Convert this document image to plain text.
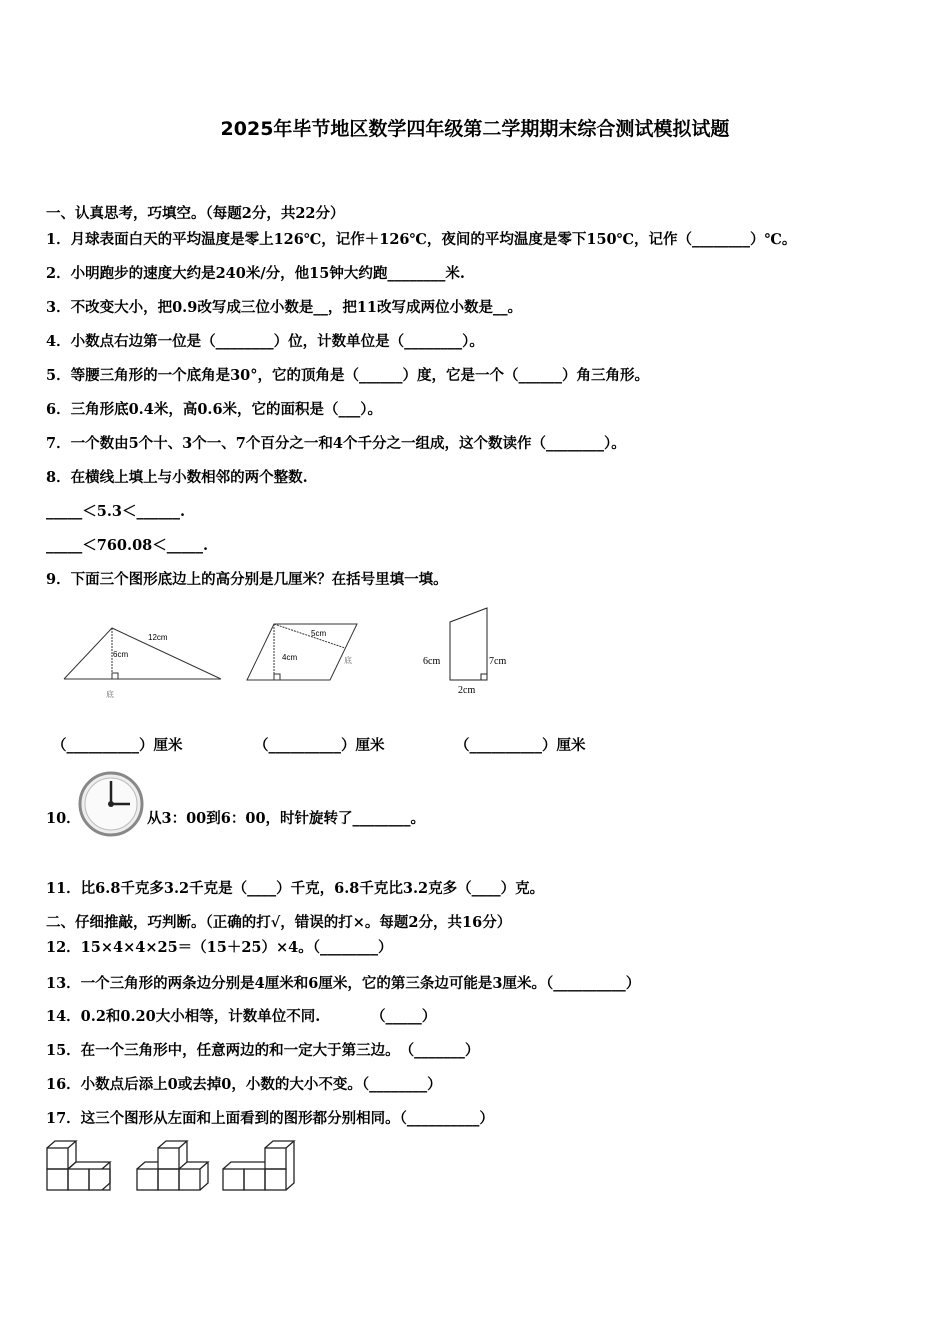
2025年毕节地区数学四年级第二学期期末综合测试模拟试题
一、认真思考，巧填空。（每题2分，共22分）
1．月球表面白天的平均温度是零上126℃，记作＋126℃，夜间的平均温度是零下150℃，记作（________）℃。
2．小明跑步的速度大约是240米/分，他15钟大约跑________米.
3．不改变大小，把0.9改写成三位小数是__，把11改写成两位小数是__。
4．小数点右边第一位是（________）位，计数单位是（________）。
5．等腰三角形的一个底角是30°，它的顶角是（______）度，它是一个（______）角三角形。
6．三角形底0.4米，高0.6米，它的面积是（___）。
7．一个数由5个十、3个一、7个百分之一和4个千分之一组成，这个数读作（________）。
8．在横线上填上与小数相邻的两个整数.
_____＜5.3＜______.
_____＜760.08＜_____.
9．下面三个图形底边上的高分别是几厘米？在括号里填一填。
12cm
6cm
底
5cm
4cm	底	6cm	7cm
2cm
（__________）厘米	（__________）厘米	（__________）厘米
10．	从3：00到6：00，时针旋转了________。
11．比6.8千克多3.2千克是（____）千克，6.8千克比3.2克多（____）克。
二、仔细推敲，巧判断。（正确的打√，错误的打×。每题2分，共16分）
12．15×4×4×25＝（15＋25）×4。（________）
13．一个三角形的两条边分别是4厘米和6厘米，它的第三条边可能是3厘米。（__________）
14．0.2和0.20大小相等，计数单位不同.　　　　（_____）
15．在一个三角形中，任意两边的和一定大于第三边。　（_______）
16．小数点后添上0或去掉0，小数的大小不变。（________）
17．这三个图形从左面和上面看到的图形都分别相同。（__________）
